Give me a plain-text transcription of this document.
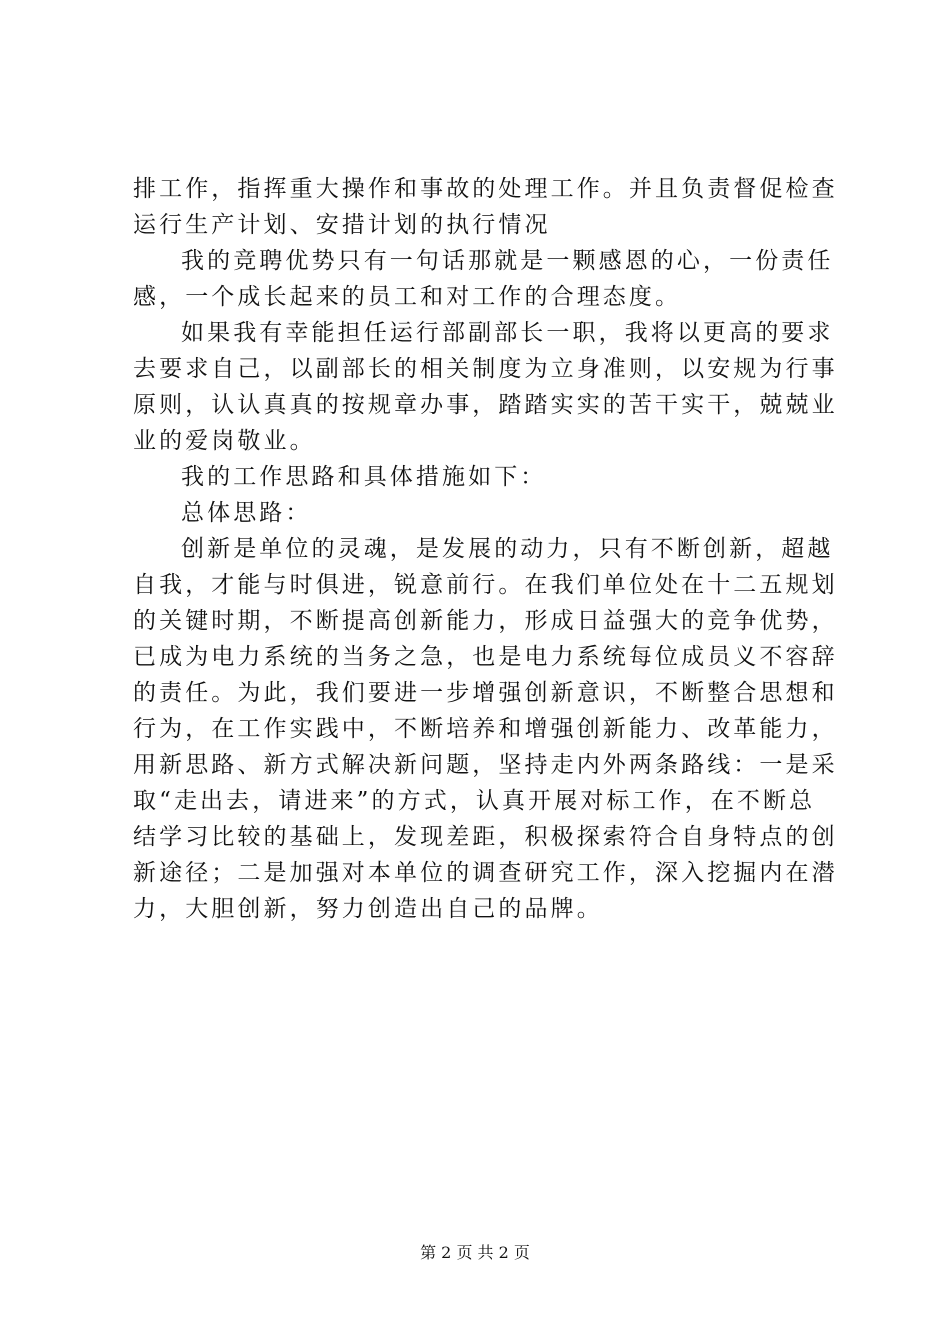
排工作，指挥重大操作和事故的处理工作。并且负责督促检查
运行生产计划、安措计划的执行情况
我的竞聘优势只有一句话那就是一颗感恩的心，一份责任
感，一个成长起来的员工和对工作的合理态度。
如果我有幸能担任运行部副部长一职，我将以更高的要求
去要求自己，以副部长的相关制度为立身准则，以安规为行事
原则，认认真真的按规章办事，踏踏实实的苦干实干，兢兢业
业的爱岗敬业。
我的工作思路和具体措施如下：
总体思路：
创新是单位的灵魂，是发展的动力，只有不断创新，超越
自我，才能与时俱进，锐意前行。在我们单位处在十二五规划
的关键时期，不断提高创新能力，形成日益强大的竞争优势，
已成为电力系统的当务之急，也是电力系统每位成员义不容辞
的责任。为此，我们要进一步增强创新意识，不断整合思想和
行为，在工作实践中，不断培养和增强创新能力、改革能力，
用新思路、新方式解决新问题，坚持走内外两条路线：一是采
取“走出去，请进来”的方式，认真开展对标工作，在不断总
结学习比较的基础上，发现差距，积极探索符合自身特点的创
新途径；二是加强对本单位的调查研究工作，深入挖掘内在潜
力，大胆创新，努力创造出自己的品牌。
第 2 页 共 2 页
